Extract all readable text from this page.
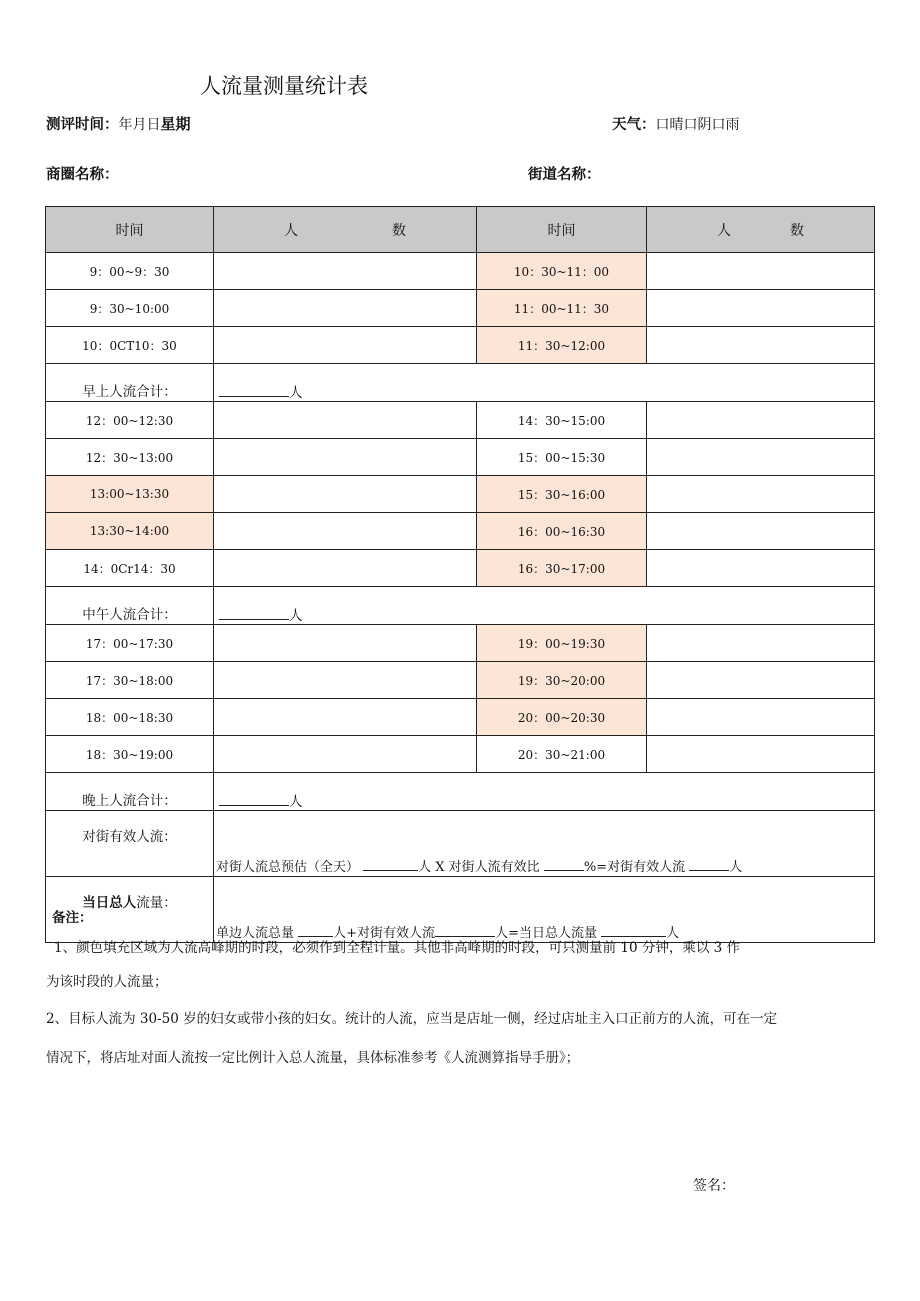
人流量测量统计表
测评时间：年月日星期	天气：口晴口阴口雨
商圈名称：	街道名称：
时间	人 数	时间	人 数

9：00~9：30		10：30~11：00	
9：30~10:00		11：00~11：30	
10：0CT10：30		11：30~12:00	
早上人流合计：	人		
12：00~12:30		14：30~15:00	
12：30~13:00		15：00~15:30	
13:00~13:30		15：30~16:00	
13:30~14:00		16：00~16:30	
14：0Cr14：30		16：30~17:00	
中午人流合计：	人		
17：00~17:30		19：00~19:30	
17：30~18:00		19：30~20:00	
18：00~18:30		20：00~20:30	
18：30~19:00		20：30~21:00	
晚上人流合计：	人		
对街有效人流：	对街人流总预估（全天） 人 X 对街人流有效比 %=对街有效人流 人		
当日总人流量：	单边人流总量 人+对街有效人流 人=当日总人流量 人		
备注：
1、颜色填充区域为人流高峰期的时段，必须作到全程计量。其他非高峰期的时段，可只测量前 10 分钟，乘以 3 作
为该时段的人流量；
2、目标人流为 30-50 岁的妇女或带小孩的妇女。统计的人流，应当是店址一侧，经过店址主入口正前方的人流，可在一定
情况下，将店址对面人流按一定比例计入总人流量，具体标准参考《人流测算指导手册》；
签名：
